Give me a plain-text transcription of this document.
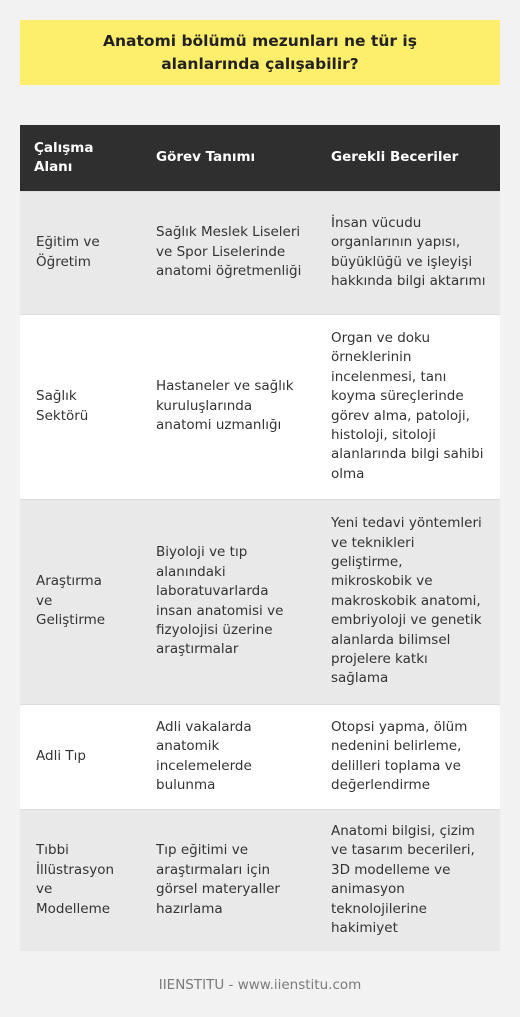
Anatomi bölümü mezunları ne tür iş alanlarında çalışabilir?
Çalışma Alanı	Görev Tanımı	Gerekli Beceriler
Eğitim ve Öğretim	Sağlık Meslek Liseleri ve Spor Liselerinde anatomi öğretmenliği	İnsan vücudu organlarının yapısı, büyüklüğü ve işleyişi hakkında bilgi aktarımı
Sağlık Sektörü	Hastaneler ve sağlık kuruluşlarında anatomi uzmanlığı	Organ ve doku örneklerinin incelenmesi, tanı koyma süreçlerinde görev alma, patoloji, histoloji, sitoloji alanlarında bilgi sahibi olma
Araştırma ve Geliştirme	Biyoloji ve tıp alanındaki laboratuvarlarda insan anatomisi ve fizyolojisi üzerine araştırmalar	Yeni tedavi yöntemleri ve teknikleri geliştirme, mikroskobik ve makroskobik anatomi, embriyoloji ve genetik alanlarda bilimsel projelere katkı sağlama
Adli Tıp	Adli vakalarda anatomik incelemelerde bulunma	Otopsi yapma, ölüm nedenini belirleme, delilleri toplama ve değerlendirme
Tıbbi İllüstrasyon ve Modelleme	Tıp eğitimi ve araştırmaları için görsel materyaller hazırlama	Anatomi bilgisi, çizim ve tasarım becerileri, 3D modelleme ve animasyon teknolojilerine hakimiyet
IIENSTITU - www.iienstitu.com
